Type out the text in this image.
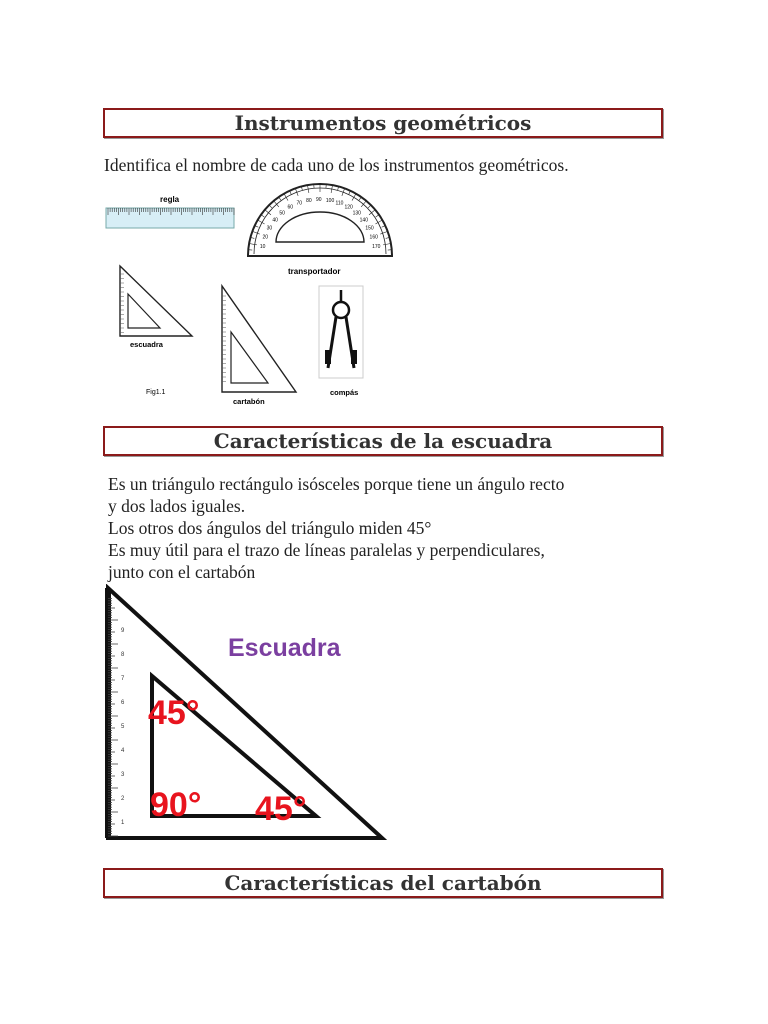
Instrumentos geométricos
Identifica el nombre de cada uno de los instrumentos geométricos.
10
20
30
40
50
60
70 80 90 100 110
120
130
140
150
160
170
regla
transportador
escuadra
Fig1.1
cartabón
compás
Características de la escuadra
Es un triángulo rectángulo isósceles porque tiene un ángulo recto
y dos lados iguales.
Los otros dos ángulos del triángulo miden 45°
Es muy útil para el trazo de líneas paralelas y perpendiculares,
junto con el cartabón
1
2
3
4
5
6
7
8
9
Escuadra
45°
90° 45°
Características del cartabón
